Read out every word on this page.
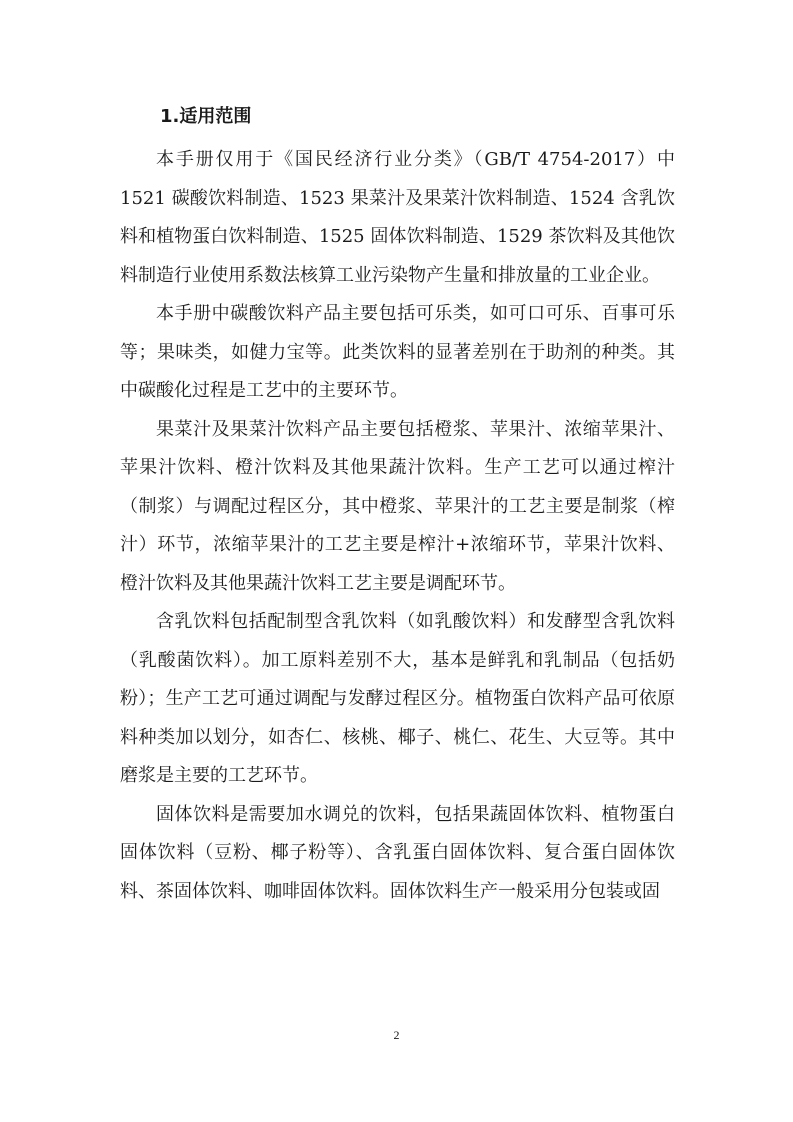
1.适用范围

本手册仅用于《国民经济行业分类》（GB/T 4754-2017）中 1521 碳酸饮料制造、1523 果菜汁及果菜汁饮料制造、1524 含乳饮料和植物蛋白饮料制造、1525 固体饮料制造、1529 茶饮料及其他饮料制造行业使用系数法核算工业污染物产生量和排放量的工业企业。

本手册中碳酸饮料产品主要包括可乐类，如可口可乐、百事可乐等；果味类，如健力宝等。此类饮料的显著差别在于助剂的种类。其中碳酸化过程是工艺中的主要环节。

果菜汁及果菜汁饮料产品主要包括橙浆、苹果汁、浓缩苹果汁、苹果汁饮料、橙汁饮料及其他果蔬汁饮料。生产工艺可以通过榨汁（制浆）与调配过程区分，其中橙浆、苹果汁的工艺主要是制浆（榨汁）环节，浓缩苹果汁的工艺主要是榨汁+浓缩环节，苹果汁饮料、橙汁饮料及其他果蔬汁饮料工艺主要是调配环节。

含乳饮料包括配制型含乳饮料（如乳酸饮料）和发酵型含乳饮料（乳酸菌饮料）。加工原料差别不大，基本是鲜乳和乳制品（包括奶粉）；生产工艺可通过调配与发酵过程区分。植物蛋白饮料产品可依原料种类加以划分，如杏仁、核桃、椰子、桃仁、花生、大豆等。其中磨浆是主要的工艺环节。

固体饮料是需要加水调兑的饮料，包括果蔬固体饮料、植物蛋白固体饮料（豆粉、椰子粉等）、含乳蛋白固体饮料、复合蛋白固体饮料、茶固体饮料、咖啡固体饮料。固体饮料生产一般采用分包装或固

2
